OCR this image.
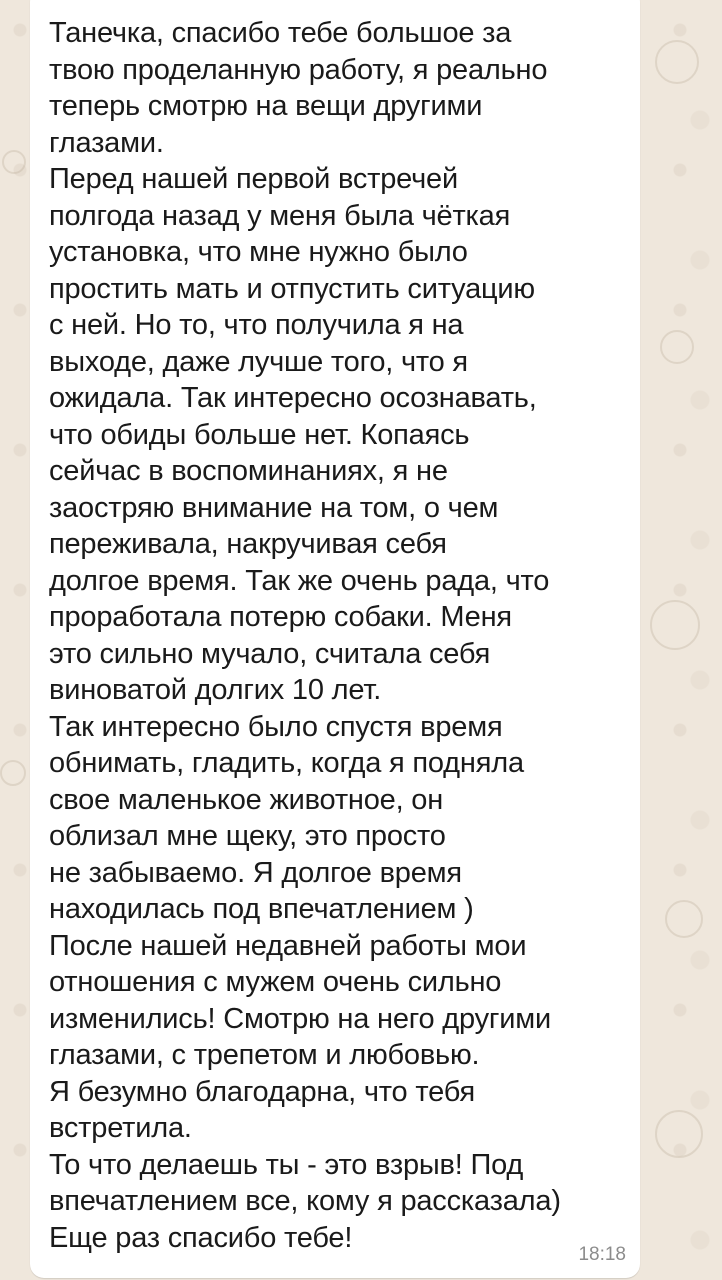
Танечка, спасибо тебе большое за
твою проделанную работу, я реально
теперь смотрю на вещи другими
глазами.
Перед нашей первой встречей
полгода назад у меня была чёткая
установка, что мне нужно было
простить мать и отпустить ситуацию
с ней. Но то, что получила я на
выходе, даже лучше того, что я
ожидала. Так интересно осознавать,
что обиды больше нет. Копаясь
сейчас в воспоминаниях, я не
заостряю внимание на том, о чем
переживала, накручивая себя
долгое время. Так же очень рада, что
проработала потерю собаки. Меня
это сильно мучало, считала себя
виноватой долгих 10 лет.
Так интересно было спустя время
обнимать, гладить, когда я подняла
свое маленькое животное, он
облизал мне щеку, это просто
не забываемо. Я долгое время
находилась под впечатлением )
После нашей недавней работы мои
отношения с мужем очень сильно
изменились! Смотрю на него другими
глазами, с трепетом и любовью.
Я безумно благодарна, что тебя
встретила.
То что делаешь ты - это взрыв! Под
впечатлением все, кому я рассказала)
Еще раз спасибо тебе!
18:18
